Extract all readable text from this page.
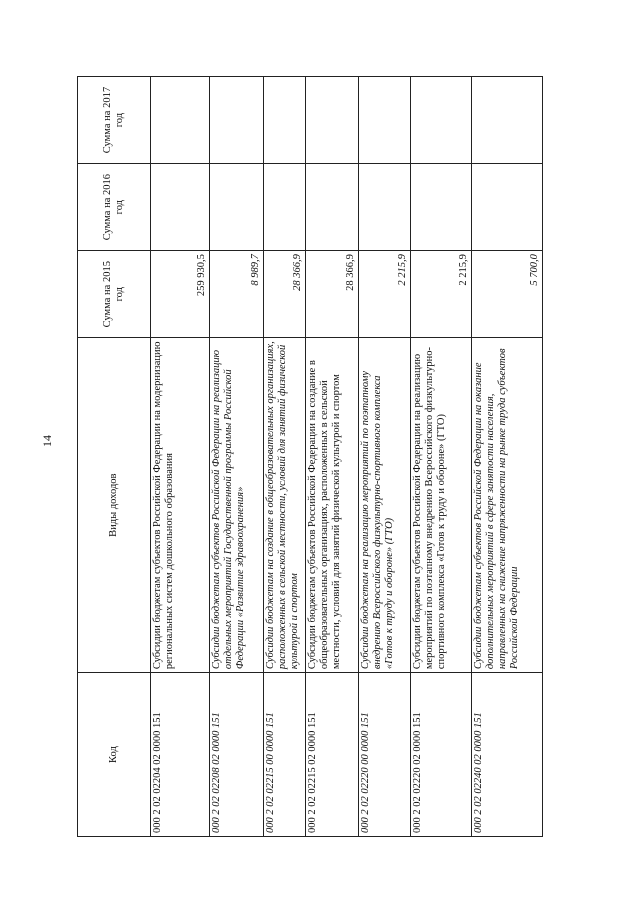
14
Код	Виды доходов	Сумма на 2015 год	Сумма на 2016 год	Сумма на 2017 год
000 2 02 02204 02 0000 151	Субсидии бюджетам субъектов Российской Федерации на модернизацию региональных систем дошкольного образования	259 930,5		
000 2 02 02208 02 0000 151	Субсидии бюджетам субъектов Российской Федерации на реализацию отдельных мероприятий Государственной программы Российской Федерации «Развитие здравоохранения»	8 989,7		
000 2 02 02215 00 0000 151	Субсидии бюджетам на создание в общеобразовательных организациях, расположенных в сельской местности, условий для занятий физической культурой и спортом	28 366,9		
000 2 02 02215 02 0000 151	Субсидии бюджетам субъектов Российской Федерации на создание в общеобразовательных организациях, расположенных в сельской местности, условий для занятий физической культурой и спортом	28 366,9		
000 2 02 02220 00 0000 151	Субсидии бюджетам на реализацию мероприятий по поэтапному внедрению Всероссийского физкультурно-спортивного комплекса «Готов к труду и обороне» (ГТО)	2 215,9		
000 2 02 02220 02 0000 151	Субсидии бюджетам субъектов Российской Федерации на реализацию мероприятий по поэтапному внедрению Всероссийского физкультурно-спортивного комплекса «Готов к труду и обороне» (ГТО)	2 215,9		
000 2 02 02240 02 0000 151	Субсидии бюджетам субъектов Российской Федерации на оказание дополнительных мероприятий в сфере занятости населения, направленных на снижение напряженности на рынке труда субъектов Российской Федерации	5 700,0		
